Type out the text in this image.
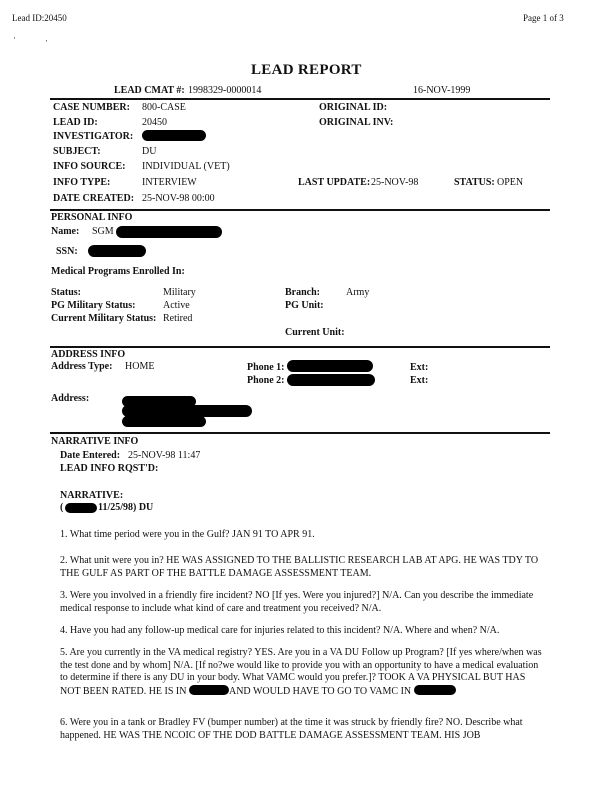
Lead ID:20450	Page 1 of 3
·	·
LEAD REPORT
LEAD CMAT #: 1998329-0000014	16-NOV-1999
CASE NUMBER: 800-CASE	ORIGINAL ID:
LEAD ID:	20450	ORIGINAL INV:
INVESTIGATOR:
SUBJECT:	DU
INFO SOURCE: INDIVIDUAL (VET)
INFO TYPE:	INTERVIEW	LAST UPDATE: 25-NOV-98	STATUS: OPEN
DATE CREATED: 25-NOV-98 00:00
PERSONAL INFO
Name: SGM
SSN:
Medical Programs Enrolled In:
Status:	Military	Branch:	Army
PG Military Status:	Active	PG Unit:
Current Military Status: Retired
Current Unit:
ADDRESS INFO
Address Type: HOME	Phone 1:	Ext:
Phone 2:	Ext:
Address:
NARRATIVE INFO
Date Entered: 25-NOV-98 11:47
LEAD INFO RQST'D:
NARRATIVE:
(	11/25/98) DU
1. What time period were you in the Gulf? JAN 91 TO APR 91.
2. What unit were you in? HE WAS ASSIGNED TO THE BALLISTIC RESEARCH LAB AT APG. HE WAS TDY TO THE GULF AS PART OF THE BATTLE DAMAGE ASSESSMENT TEAM.
3. Were you involved in a friendly fire incident? NO [If yes. Were you injured?] N/A. Can you describe the immediate medical response to include what kind of care and treatment you received? N/A.
4. Have you had any follow-up medical care for injuries related to this incident? N/A. Where and when? N/A.
5. Are you currently in the VA medical registry? YES. Are you in a VA DU Follow up Program? [If yes where/when was the test done and by whom] N/A. [If no?we would like to provide you with an opportunity to have a medical evaluation to determine if there is any DU in your body. What VAMC would you prefer.]? TOOK A VA PHYSICAL BUT HAS NOT BEEN RATED. HE IS IN	AND WOULD HAVE TO GO TO VAMC IN
6. Were you in a tank or Bradley FV (bumper number) at the time it was struck by friendly fire? NO. Describe what happened. HE WAS THE NCOIC OF THE DOD BATTLE DAMAGE ASSESSMENT TEAM. HIS JOB
